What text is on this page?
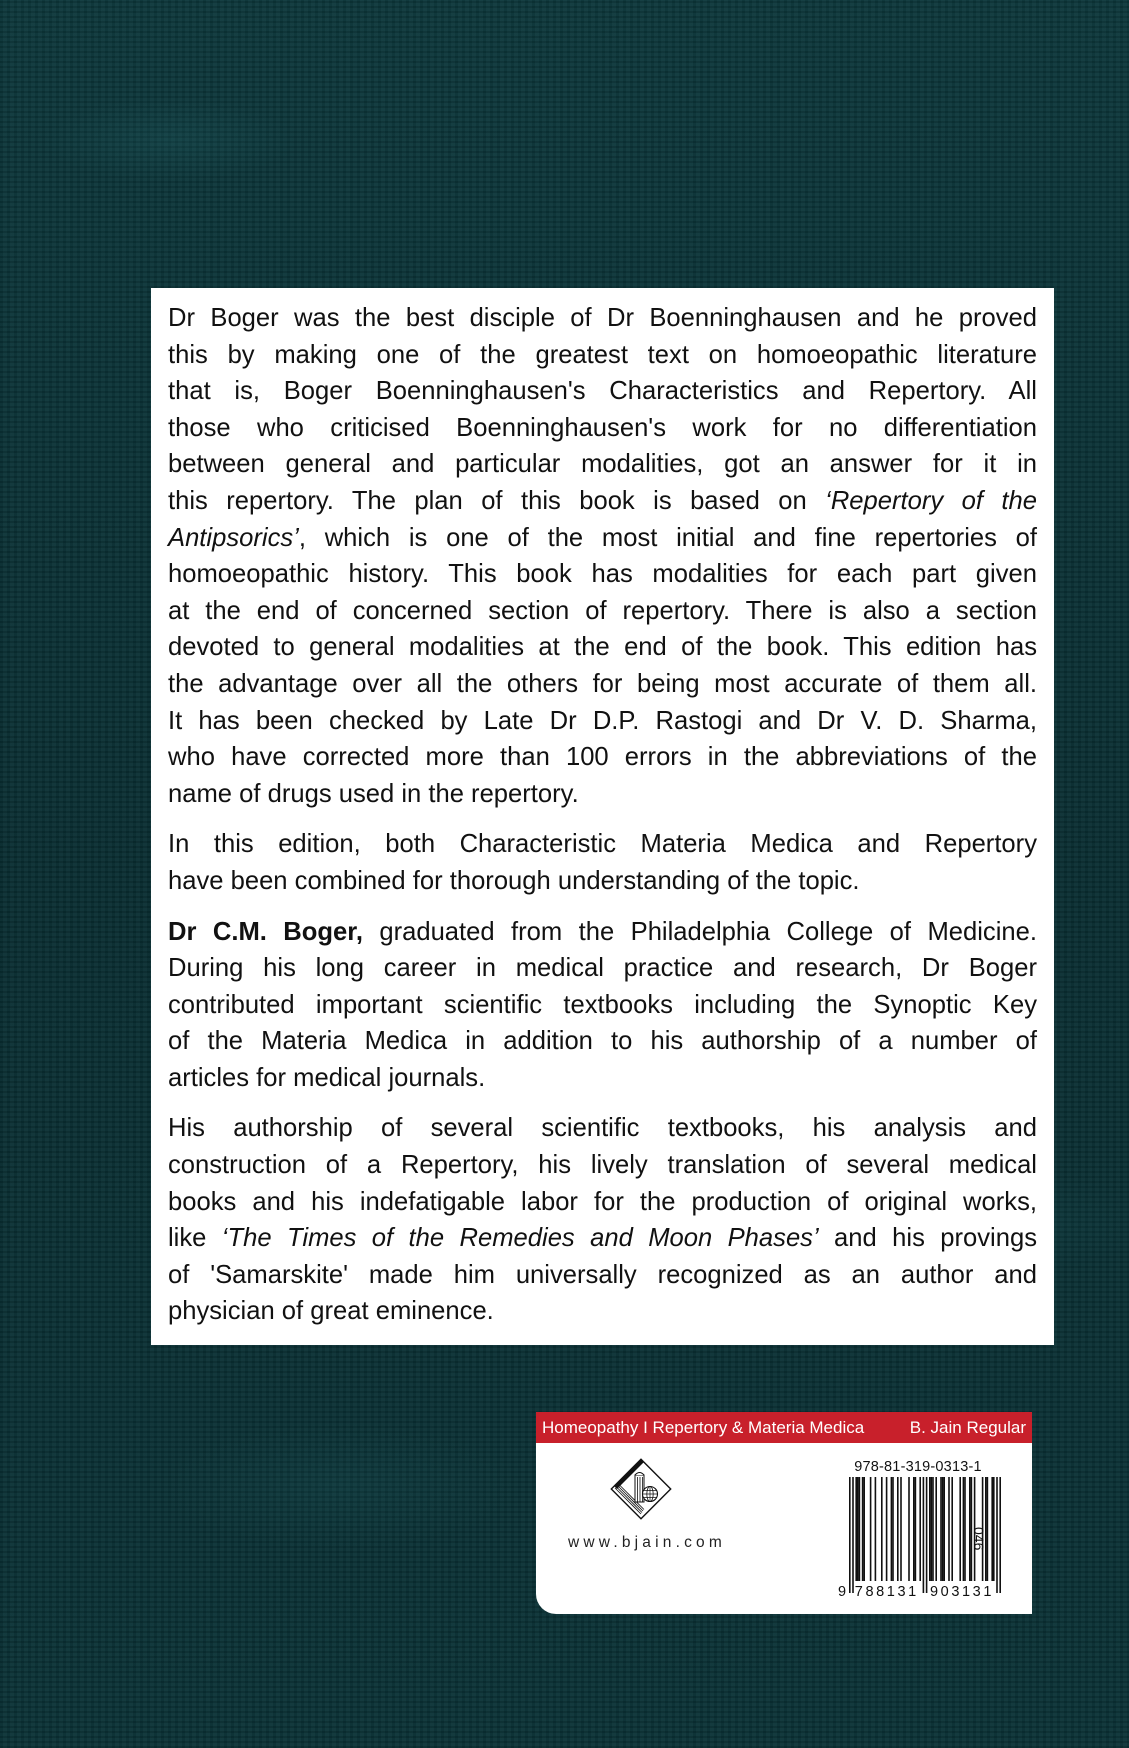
Dr Boger was the best disciple of Dr Boenninghausen and he proved
this by making one of the greatest text on homoeopathic literature
that is, Boger Boenninghausen's Characteristics and Repertory. All
those who criticised Boenninghausen's work for no differentiation
between general and particular modalities, got an answer for it in
this repertory. The plan of this book is based on ‘Repertory of the
Antipsorics’, which is one of the most initial and fine repertories of
homoeopathic history. This book has modalities for each part given
at the end of concerned section of repertory. There is also a section
devoted to general modalities at the end of the book. This edition has
the advantage over all the others for being most accurate of them all.
It has been checked by Late Dr D.P. Rastogi and Dr V. D. Sharma,
who have corrected more than 100 errors in the abbreviations of the
name of drugs used in the repertory.
In this edition, both Characteristic Materia Medica and Repertory
have been combined for thorough understanding of the topic.
Dr C.M. Boger, graduated from the Philadelphia College of Medicine.
During his long career in medical practice and research, Dr Boger
contributed important scientific textbooks including the Synoptic Key
of the Materia Medica in addition to his authorship of a number of
articles for medical journals.
His authorship of several scientific textbooks, his analysis and
construction of a Repertory, his lively translation of several medical
books and his indefatigable labor for the production of original works,
like ‘The Times of the Remedies and Moon Phases’ and his provings
of 'Samarskite' made him universally recognized as an author and
physician of great eminence.
Homeopathy I Repertory & Materia Medica	B. Jain Regular
www.bjain.com
978-81-319-0313-1
9 788131 903131
046
